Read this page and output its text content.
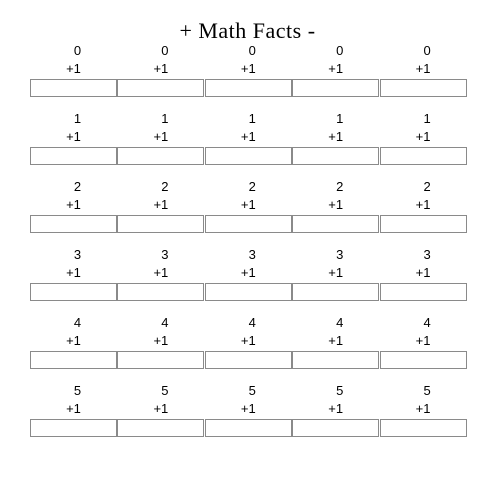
+ Math Facts -
0
+1
0
+1
0
+1
0
+1
0
+1
1
+1
1
+1
1
+1
1
+1
1
+1
2
+1
2
+1
2
+1
2
+1
2
+1
3
+1
3
+1
3
+1
3
+1
3
+1
4
+1
4
+1
4
+1
4
+1
4
+1
5
+1
5
+1
5
+1
5
+1
5
+1
